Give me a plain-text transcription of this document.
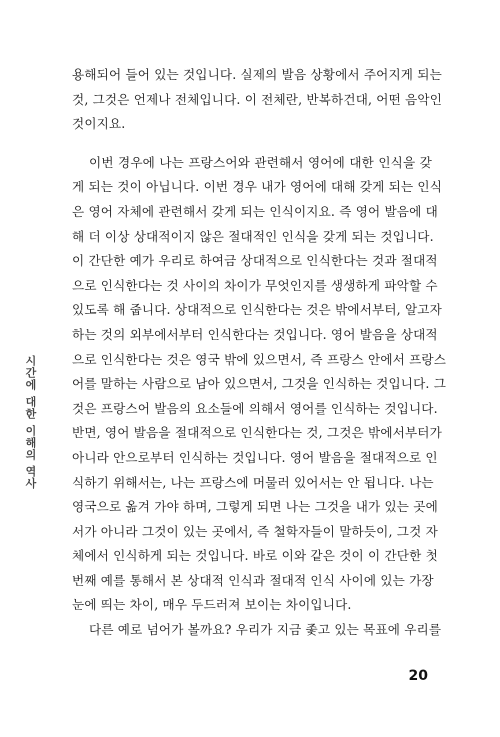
시간에 대한 이해의 역사
용해되어 들어 있는 것입니다. 실제의 발음 상황에서 주어지게 되는
것, 그것은 언제나 전체입니다. 이 전체란, 반복하건대, 어떤 음악인
것이지요.
이번 경우에 나는 프랑스어와 관련해서 영어에 대한 인식을 갖
게 되는 것이 아닙니다. 이번 경우 내가 영어에 대해 갖게 되는 인식
은 영어 자체에 관련해서 갖게 되는 인식이지요. 즉 영어 발음에 대
해 더 이상 상대적이지 않은 절대적인 인식을 갖게 되는 것입니다.
이 간단한 예가 우리로 하여금 상대적으로 인식한다는 것과 절대적
으로 인식한다는 것 사이의 차이가 무엇인지를 생생하게 파악할 수
있도록 해 줍니다. 상대적으로 인식한다는 것은 밖에서부터, 알고자
하는 것의 외부에서부터 인식한다는 것입니다. 영어 발음을 상대적
으로 인식한다는 것은 영국 밖에 있으면서, 즉 프랑스 안에서 프랑스
어를 말하는 사람으로 남아 있으면서, 그것을 인식하는 것입니다. 그
것은 프랑스어 발음의 요소들에 의해서 영어를 인식하는 것입니다.
반면, 영어 발음을 절대적으로 인식한다는 것, 그것은 밖에서부터가
아니라 안으로부터 인식하는 것입니다. 영어 발음을 절대적으로 인
식하기 위해서는, 나는 프랑스에 머물러 있어서는 안 됩니다. 나는
영국으로 옮겨 가야 하며, 그렇게 되면 나는 그것을 내가 있는 곳에
서가 아니라 그것이 있는 곳에서, 즉 철학자들이 말하듯이, 그것 자
체에서 인식하게 되는 것입니다. 바로 이와 같은 것이 이 간단한 첫
번째 예를 통해서 본 상대적 인식과 절대적 인식 사이에 있는 가장
눈에 띄는 차이, 매우 두드러져 보이는 차이입니다.
다른 예로 넘어가 볼까요? 우리가 지금 좇고 있는 목표에 우리를
20
